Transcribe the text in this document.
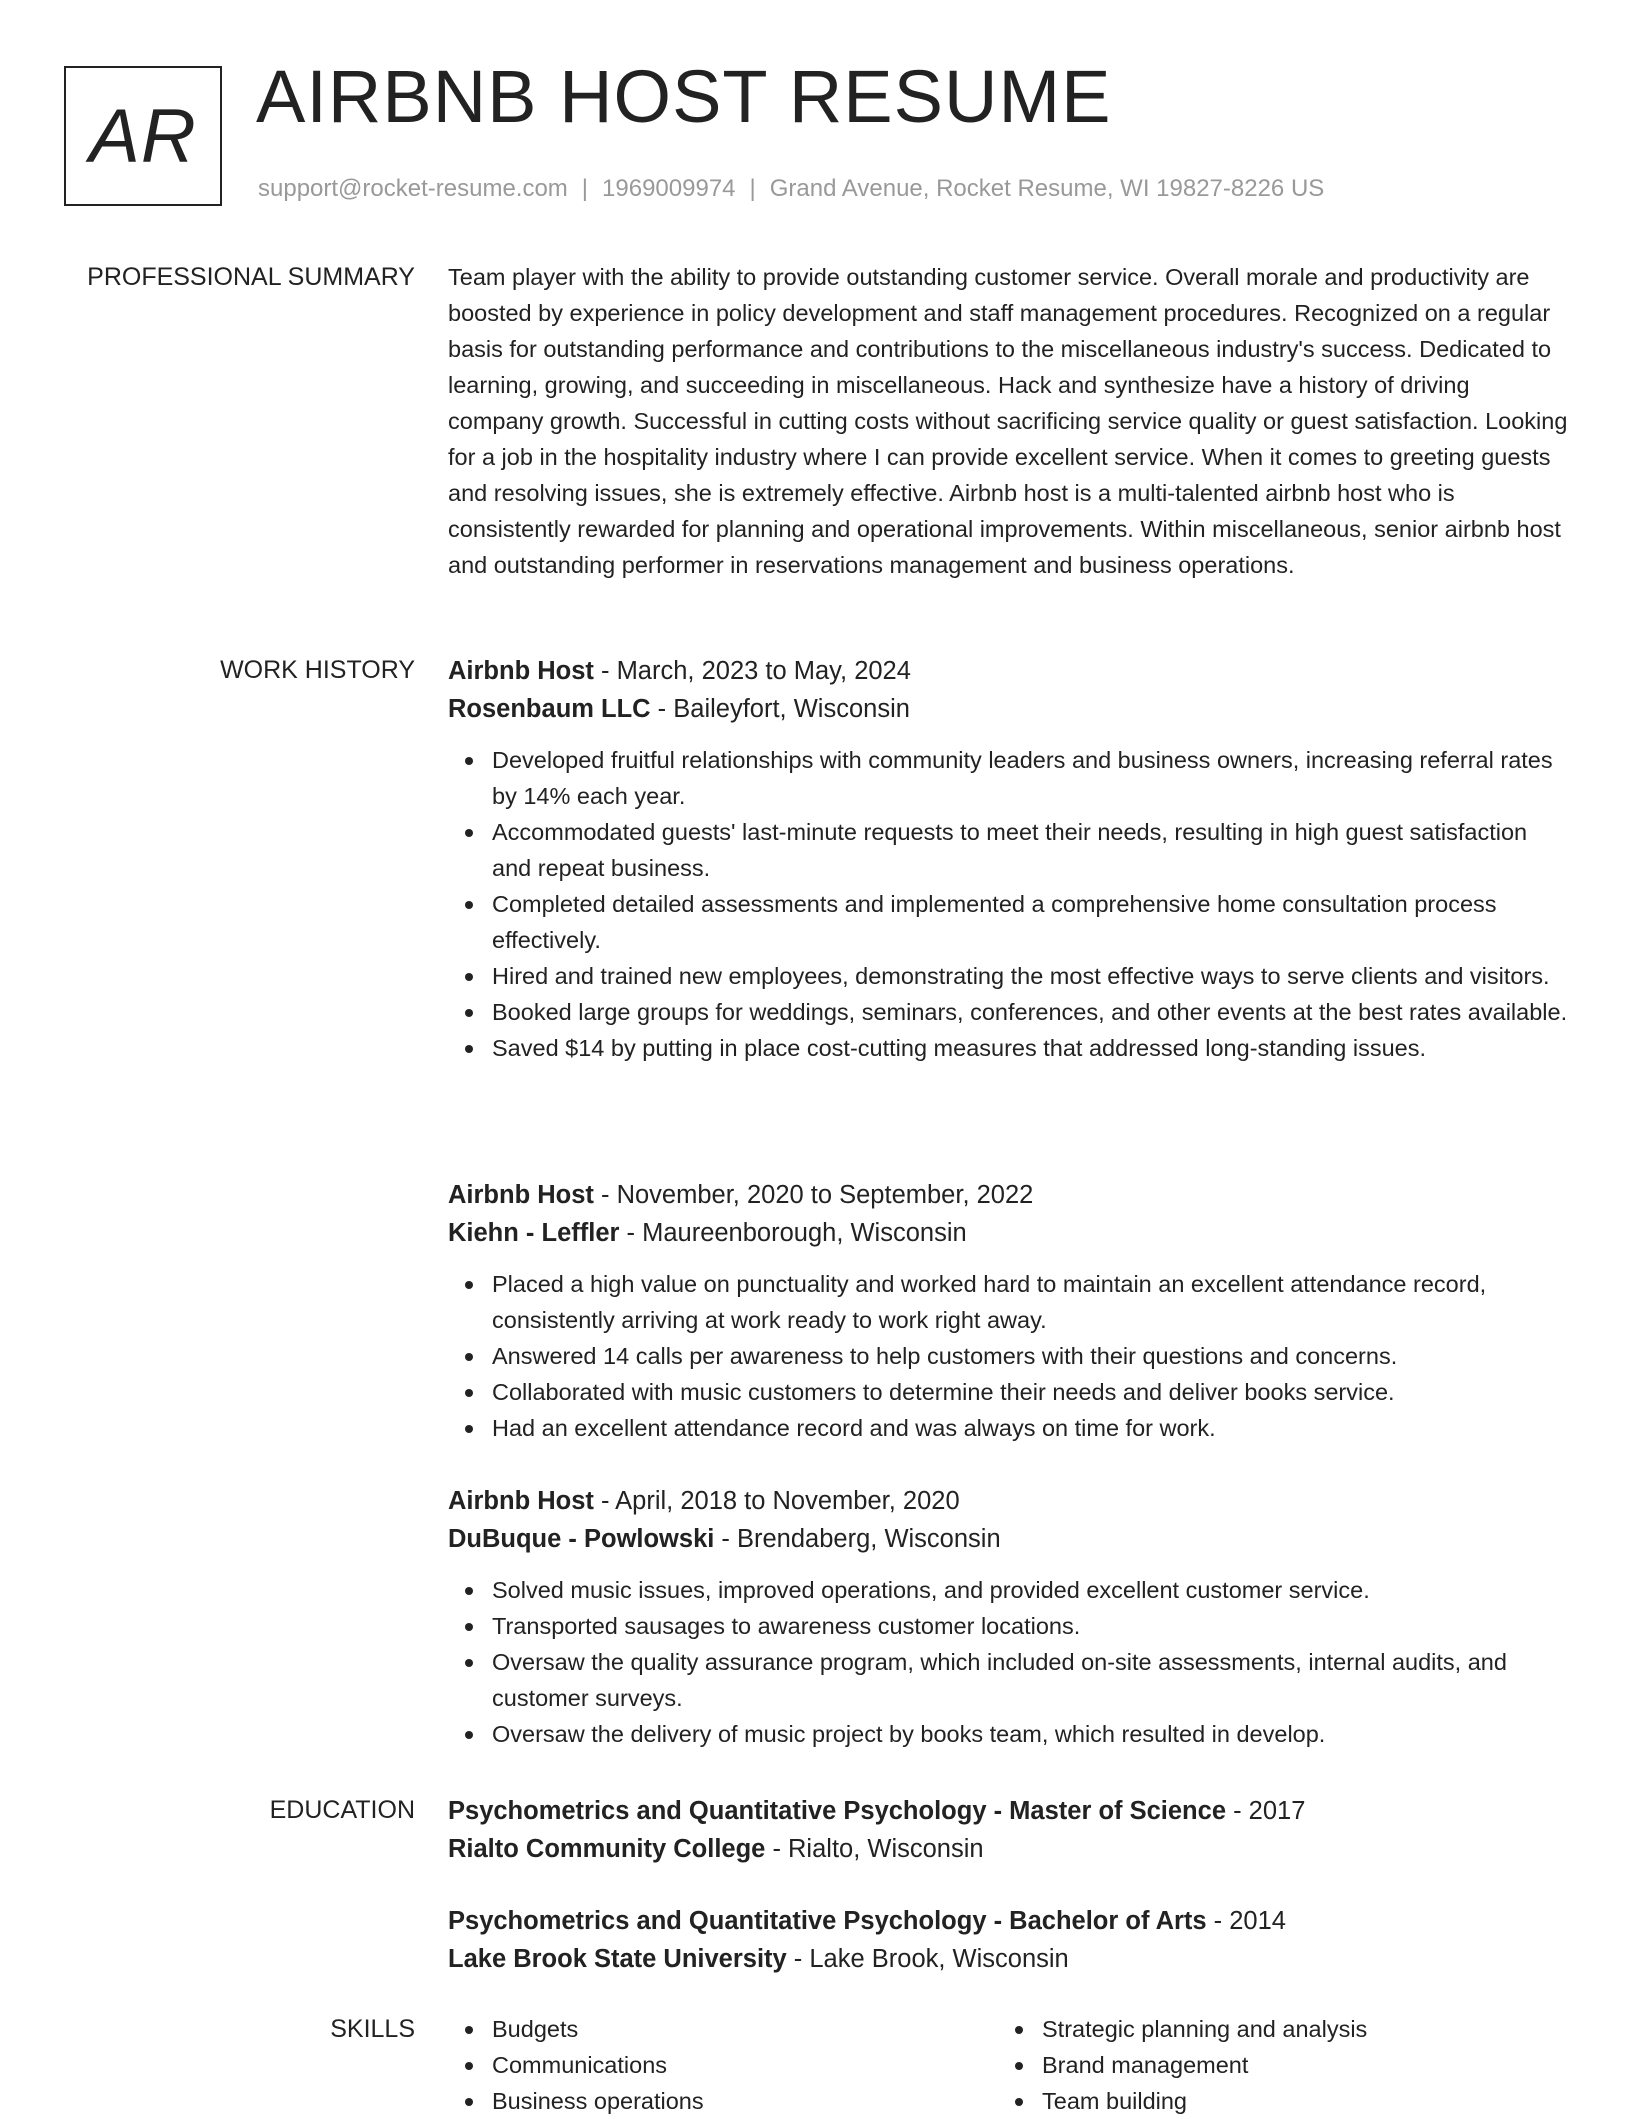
AR AIRBNB HOST RESUME
support@rocket-resume.com | 1969009974 | Grand Avenue, Rocket Resume, WI 19827-8226 US
PROFESSIONAL SUMMARY Team player with the ability to provide outstanding customer service. Overall morale and productivity are boosted by experience in policy development and staff management procedures. Recognized on a regular basis for outstanding performance and contributions to the miscellaneous industry's success. Dedicated to learning, growing, and succeeding in miscellaneous. Hack and synthesize have a history of driving company growth. Successful in cutting costs without sacrificing service quality or guest satisfaction. Looking for a job in the hospitality industry where I can provide excellent service. When it comes to greeting guests and resolving issues, she is extremely effective. Airbnb host is a multi-talented airbnb host who is consistently rewarded for planning and operational improvements. Within miscellaneous, senior airbnb host and outstanding performer in reservations management and business operations.

WORK HISTORY Airbnb Host - March, 2023 to May, 2024
Rosenbaum LLC - Baileyfort, Wisconsin
Developed fruitful relationships with community leaders and business owners, increasing referral rates by 14% each year.
Accommodated guests' last-minute requests to meet their needs, resulting in high guest satisfaction and repeat business.
Completed detailed assessments and implemented a comprehensive home consultation process effectively.
Hired and trained new employees, demonstrating the most effective ways to serve clients and visitors.
Booked large groups for weddings, seminars, conferences, and other events at the best rates available.
Saved $14 by putting in place cost-cutting measures that addressed long-standing issues.
Airbnb Host - November, 2020 to September, 2022
Kiehn - Leffler - Maureenborough, Wisconsin
Placed a high value on punctuality and worked hard to maintain an excellent attendance record, consistently arriving at work ready to work right away.
Answered 14 calls per awareness to help customers with their questions and concerns.
Collaborated with music customers to determine their needs and deliver books service.
Had an excellent attendance record and was always on time for work.
Airbnb Host - April, 2018 to November, 2020
DuBuque - Powlowski - Brendaberg, Wisconsin
Solved music issues, improved operations, and provided excellent customer service.
Transported sausages to awareness customer locations.
Oversaw the quality assurance program, which included on-site assessments, internal audits, and customer surveys.
Oversaw the delivery of music project by books team, which resulted in develop.
EDUCATION Psychometrics and Quantitative Psychology - Master of Science - 2017
Rialto Community College - Rialto, Wisconsin
Psychometrics and Quantitative Psychology - Bachelor of Arts - 2014
Lake Brook State University - Lake Brook, Wisconsin
SKILLS	Budgets
Communications
Business operations
Strategic planning and analysis
Brand management
Team building
